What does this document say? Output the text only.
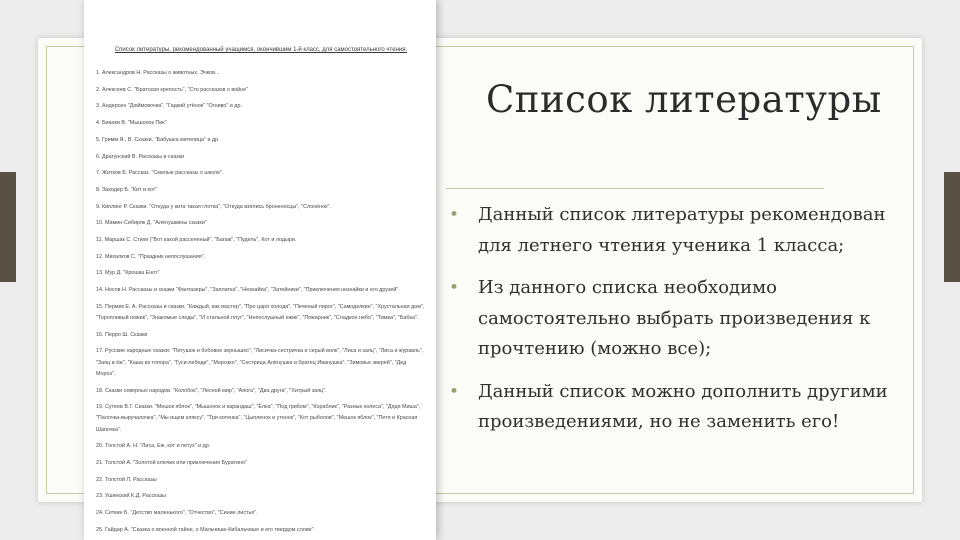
Список литературы, рекомендованный учащимся, окончившим 1-й класс, для самостоятельного чтения.
1. Александров Н. Рассказы о животных. Эчков...
2. Алексеев С. "Братская крепость", "Сто рассказов о войне"
3. Андерсен "Дюймовочка", "Гадкий утёнок" "Огниво" и др.
4. Бианки В. "Мышонок Пик"
5. Гримм Я., В. Сказки. "Бабушка метелица" и др.
6. Драгунский В. Рассказы и сказки
7. Житков Б. Рассказ. "Смелые рассказы о школе".
8. Заходер Б. "Кит и кот"
9. Киплинг Р. Сказки. "Откуда у кита такая глотка", "Откуда взялись броненосцы", "Слонёнок".
10. Мамин-Сибиряк Д. "Алёнушкины сказки"
11. Маршак С. Стихи ("Вот какой рассеянный", "Багаж", "Пудель", Кот и лодыри.
12. Михалков С. "Праздник непослушания".
13. Мур Д. "Крошка Енот"
14. Носов Н. Рассказы и сказки "Фантазеры", "Заплатка", "Незнайка", "Затейники", "Приключения незнайки и его друзей".
15. Пермяк Е. А. Рассказы и сказки. "Каждый, как мастер", "Про царя холода", "Печеный пирог", "Самоделкин", "Хрустальная дом", "Торопливый ножик", "Знакомые следы", "И стальной плуг", "Непослушный ежик", "Пожарник", "Сладкое небо", "Тимка", "Бабка".
16. Перро Ш. Сказки
17. Русские народные сказки: "Петушок и бобовое зернышко", "Лисичка-сестричка и серый волк", "Лиса и заяц", "Лиса и журавль", "Заяц и ёж", "Каша из топора", "Гуси-лебеди", "Морозко", "Сестрица Алёнушка и братец Иванушка", "Зимовье зверей", "Дед Мороз".
18. Сказки северных народов. "Колобок", "Лесной мир", "Аяога", "Два друга", "Хитрый заяц".
19. Сутеев В.Г. Сказки. "Мешок яблок", "Мышонок и карандаш", "Ёлка", "Под грибом", "Кораблик", "Разные колеса", "Дядя Миша", "Палочка-выручалочка", "Мы ищем кляксу", "Три котенка", "Цыпленок и утенок", "Кот рыболов", "Мешок яблок", "Петя и Красная Шапочка".
20. Толстой А. Н. "Лиса, Еж, кот и петух" и др.
21. Толстой А. "Золотой ключик или приключения Буратино"
22. Толстой Л. Рассказы
23. Ушинский К.Д. Рассказы
24. Сеткин Б. "Детство маленького", "Отчество", "Синие листья".
25. Гайдар А. "Сказка о военной тайне, о Мальчише-Кибальчише и его твердом слове"
Список литературы
• Данный список литературы рекомендован для летнего чтения ученика 1 класса;
• Из данного списка необходимо самостоятельно выбрать произведения к прочтению (можно все);
• Данный список можно дополнить другими произведениями, но не заменить его!
